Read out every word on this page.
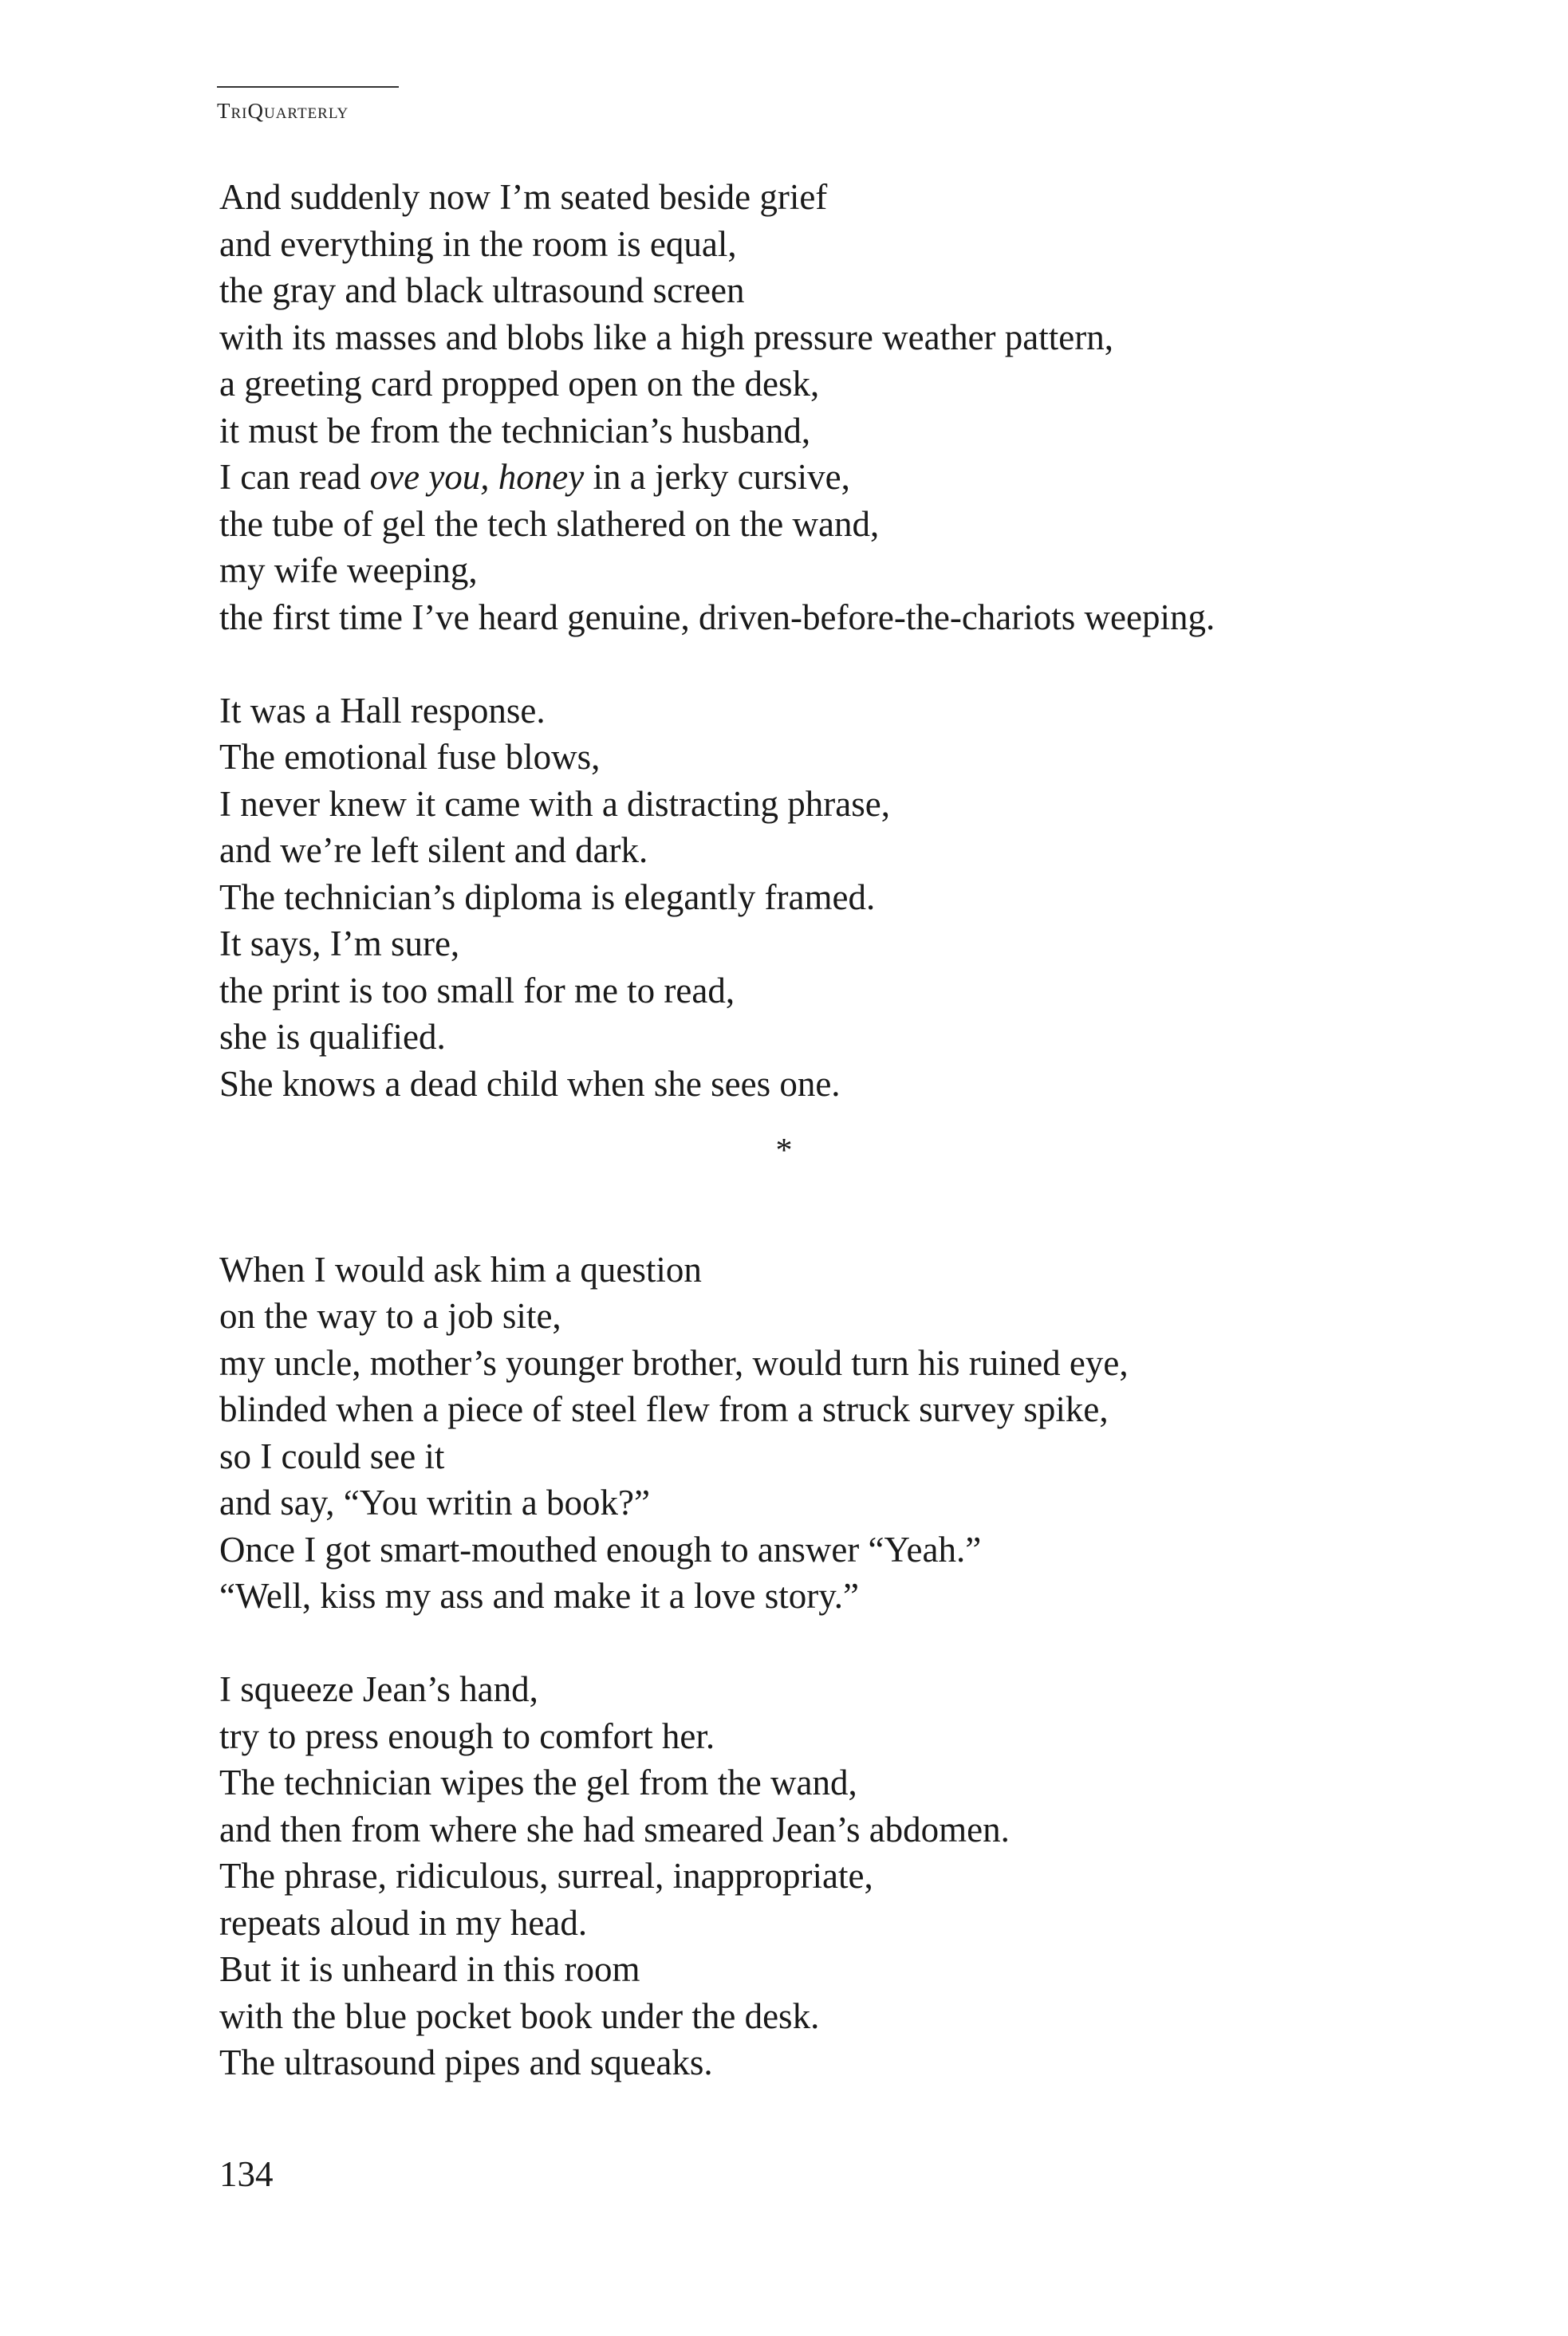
TriQuarterly
And suddenly now I’m seated beside grief
and everything in the room is equal,
the gray and black ultrasound screen
with its masses and blobs like a high pressure weather pattern,
a greeting card propped open on the desk,
it must be from the technician’s husband,
I can read ove you, honey in a jerky cursive,
the tube of gel the tech slathered on the wand,
my wife weeping,
the first time I’ve heard genuine, driven-before-the-chariots weeping.
It was a Hall response.
The emotional fuse blows,
I never knew it came with a distracting phrase,
and we’re left silent and dark.
The technician’s diploma is elegantly framed.
It says, I’m sure,
the print is too small for me to read,
she is qualified.
She knows a dead child when she sees one.
*
When I would ask him a question
on the way to a job site,
my uncle, mother’s younger brother, would turn his ruined eye,
blinded when a piece of steel flew from a struck survey spike,
so I could see it
and say, “You writin a book?”
Once I got smart-mouthed enough to answer “Yeah.”
“Well, kiss my ass and make it a love story.”
I squeeze Jean’s hand,
try to press enough to comfort her.
The technician wipes the gel from the wand,
and then from where she had smeared Jean’s abdomen.
The phrase, ridiculous, surreal, inappropriate,
repeats aloud in my head.
But it is unheard in this room
with the blue pocket book under the desk.
The ultrasound pipes and squeaks.
134
